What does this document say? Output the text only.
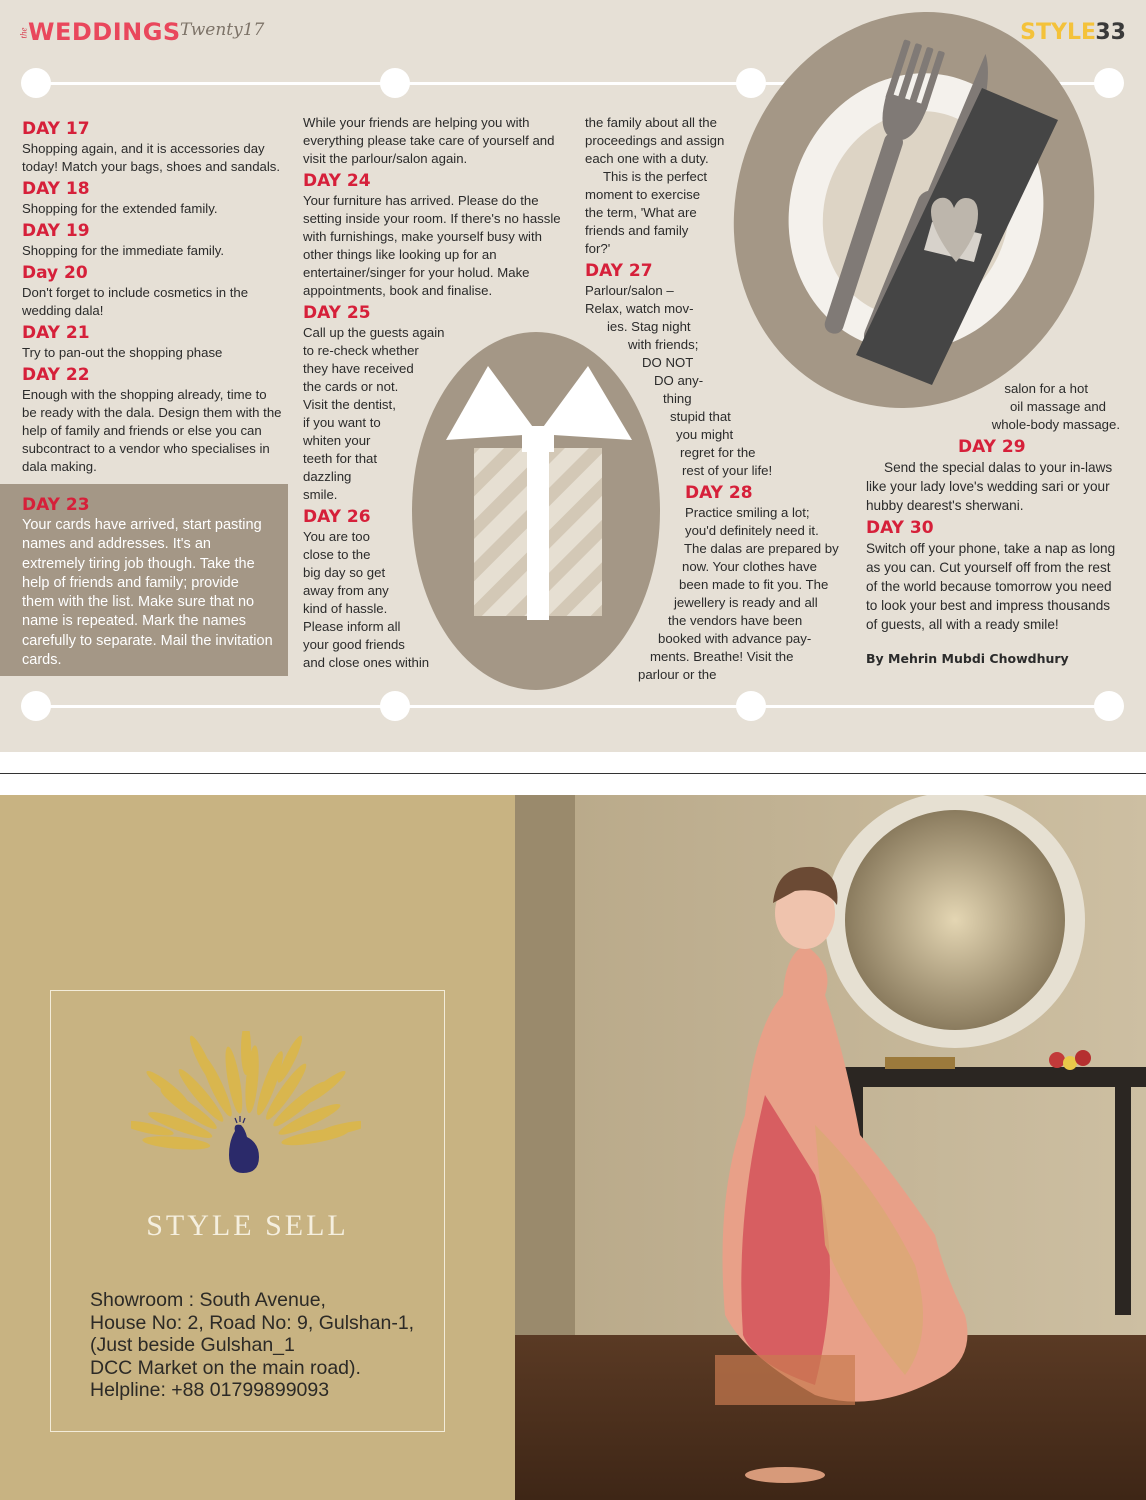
the WEDDINGS Twenty17	STYLE 33
DAY 17

Shopping again, and it is accessories day today! Match your bags, shoes and sandals.

DAY 18

Shopping for the extended family.

DAY 19

Shopping for the immediate family.

Day 20

Don't forget to include cosmetics in the wedding dala!

DAY 21

Try to pan-out the shopping phase

DAY 22

Enough with the shopping already, time to be ready with the dala. Design them with the help of family and friends or else you can subcontract to a vendor who specialises in dala making.

DAY 23

Your cards have arrived, start pasting names and addresses. It's an extremely tiring job though. Take the help of friends and family; provide them with the list. Make sure that no name is repeated. Mark the names carefully to separate. Mail the invitation cards.

While your friends are helping you with everything please take care of yourself and visit the parlour/salon again.

DAY 24

Your furniture has arrived. Please do the setting inside your room. If there's no hassle with furnishings, make yourself busy with other things like looking up for an entertainer/singer for your holud. Make appointments, book and finalise.

DAY 25
Call up the guests again
to re-check whether
they have received
the cards or not.
Visit the dentist,
if you want to
whiten your
teeth for that
dazzling
smile.
DAY 26
You are too
close to the
big day so get
away from any
kind of hassle.
Please inform all
your good friends
and close ones within
the family about all the
proceedings and assign
each one with a duty.
This is the perfect
moment to exercise
the term, 'What are
friends and family
for?'
DAY 27
Parlour/salon –
Relax, watch mov-
ies. Stag night
with friends;
DO NOT
DO any-
thing
stupid that
you might
regret for the
rest of your life!
DAY 28
Practice smiling a lot;
you'd definitely need it.
The dalas are prepared by
now. Your clothes have
been made to fit you. The
jewellery is ready and all
the vendors have been
booked with advance pay-
ments. Breathe! Visit the
parlour or the
salon for a hot
oil massage and
whole-body massage.
DAY 29

Send the special dalas to your in-laws like your lady love's wedding sari or your hubby dearest's sherwani.

DAY 30

Switch off your phone, take a nap as long as you can. Cut yourself off from the rest of the world because tomorrow you need to look your best and impress thousands of guests, all with a ready smile!

By Mehrin Mubdi Chowdhury
STYLE SELL
Showroom : South Avenue,
House No: 2, Road No: 9, Gulshan-1,
(Just beside Gulshan_1
DCC Market on the main road).
Helpline: +88 01799899093
